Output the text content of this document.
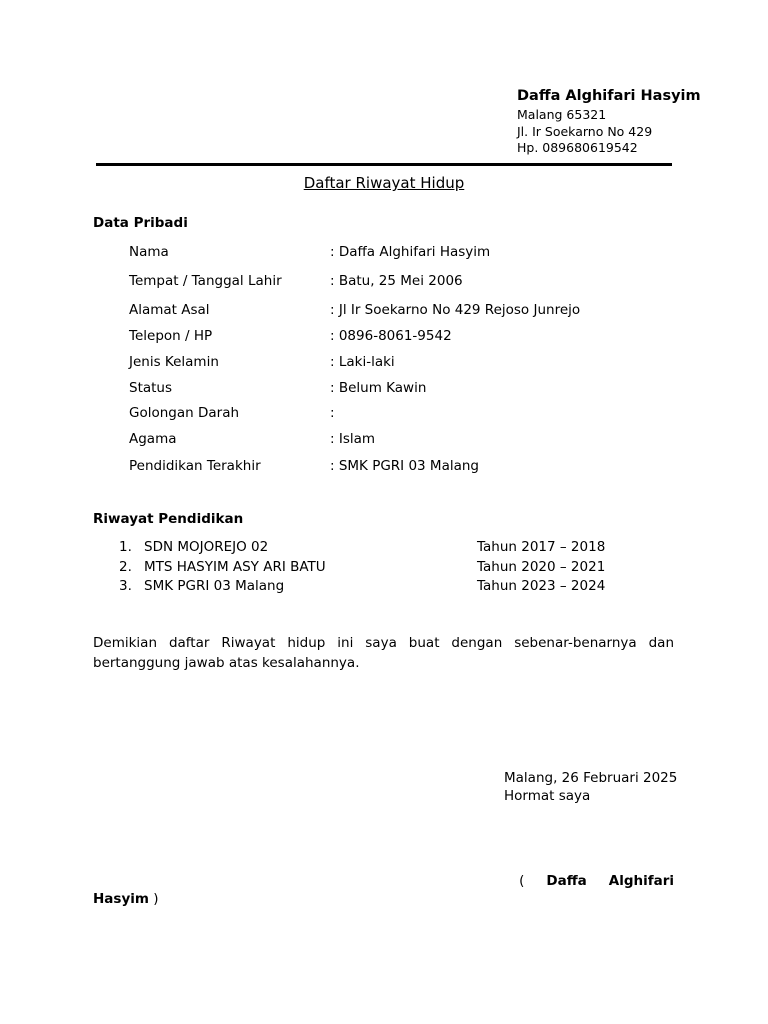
Daffa Alghifari Hasyim
Malang 65321
Jl. Ir Soekarno No 429
Hp. 089680619542
Daftar Riwayat Hidup
Data Pribadi
Nama	: Daffa Alghifari Hasyim
Tempat / Tanggal Lahir	: Batu, 25 Mei 2006
Alamat Asal	: Jl Ir Soekarno No 429 Rejoso Junrejo
Telepon / HP	: 0896-8061-9542
Jenis Kelamin	: Laki-laki
Status	: Belum Kawin
Golongan Darah	:
Agama	: Islam
Pendidikan Terakhir	: SMK PGRI 03 Malang
Riwayat Pendidikan
1. SDN MOJOREJO 02	Tahun 2017 – 2018
2. MTS HASYIM ASY ARI BATU	Tahun 2020 – 2021
3. SMK PGRI 03 Malang	Tahun 2023 – 2024
Demikian daftar Riwayat hidup ini saya buat dengan sebenar-benarnya dan bertanggung jawab atas kesalahannya.
Malang, 26 Februari 2025
Hormat saya
( Daffa Alghifari
Hasyim )
